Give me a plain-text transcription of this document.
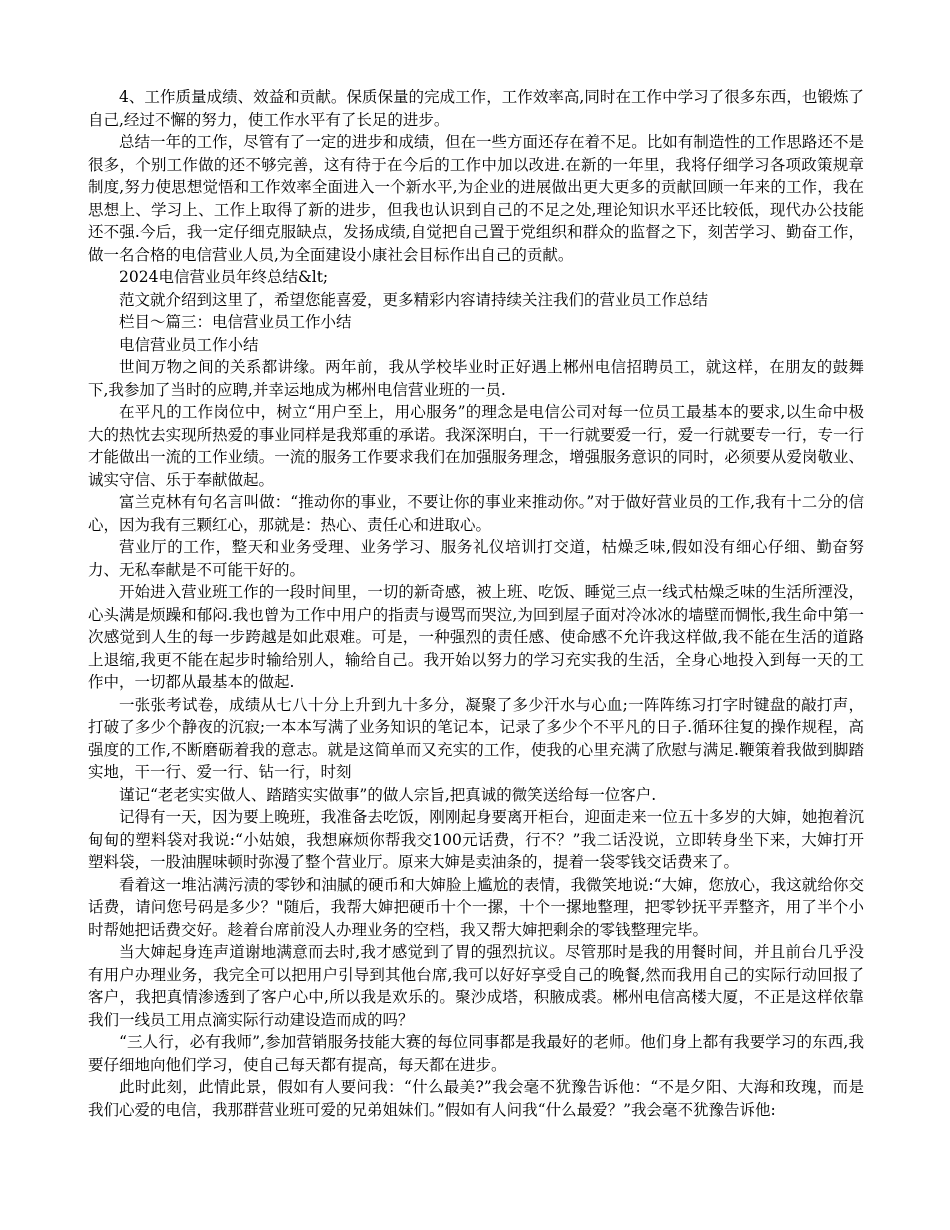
4、工作质量成绩、效益和贡献。保质保量的完成工作，工作效率高,同时在工作中学习了很多东西，也锻炼了自己,经过不懈的努力，使工作水平有了长足的进步。

总结一年的工作，尽管有了一定的进步和成绩，但在一些方面还存在着不足。比如有制造性的工作思路还不是很多，个别工作做的还不够完善，这有待于在今后的工作中加以改进.在新的一年里，我将仔细学习各项政策规章制度,努力使思想觉悟和工作效率全面进入一个新水平,为企业的进展做出更大更多的贡献回顾一年来的工作，我在思想上、学习上、工作上取得了新的进步，但我也认识到自己的不足之处,理论知识水平还比较低，现代办公技能还不强.今后，我一定仔细克服缺点，发扬成绩,自觉把自己置于党组织和群众的监督之下，刻苦学习、勤奋工作，做一名合格的电信营业人员,为全面建设小康社会目标作出自己的贡献。

2024电信营业员年终总结&lt;

范文就介绍到这里了，希望您能喜爱，更多精彩内容请持续关注我们的营业员工作总结

栏目～篇三：电信营业员工作小结

电信营业员工作小结

世间万物之间的关系都讲缘。两年前，我从学校毕业时正好遇上郴州电信招聘员工，就这样，在朋友的鼓舞下,我参加了当时的应聘,并幸运地成为郴州电信营业班的一员.

在平凡的工作岗位中，树立“用户至上，用心服务”的理念是电信公司对每一位员工最基本的要求,以生命中极大的热忱去实现所热爱的事业同样是我郑重的承诺。我深深明白，干一行就要爱一行，爱一行就要专一行，专一行才能做出一流的工作业绩。一流的服务工作要求我们在加强服务理念，增强服务意识的同时，必须要从爱岗敬业、诚实守信、乐于奉献做起。

富兰克林有句名言叫做：“推动你的事业，不要让你的事业来推动你。”对于做好营业员的工作,我有十二分的信心，因为我有三颗红心，那就是：热心、责任心和进取心。

营业厅的工作，整天和业务受理、业务学习、服务礼仪培训打交道，枯燥乏味,假如没有细心仔细、勤奋努力、无私奉献是不可能干好的。

开始进入营业班工作的一段时间里，一切的新奇感，被上班、吃饭、睡觉三点一线式枯燥乏味的生活所湮没，心头满是烦躁和郁闷.我也曾为工作中用户的指责与谩骂而哭泣,为回到屋子面对冷冰冰的墙壁而惆怅,我生命中第一次感觉到人生的每一步跨越是如此艰难。可是，一种强烈的责任感、使命感不允许我这样做,我不能在生活的道路上退缩,我更不能在起步时输给别人，输给自己。我开始以努力的学习充实我的生活，全身心地投入到每一天的工作中，一切都从最基本的做起.

一张张考试卷，成绩从七八十分上升到九十多分，凝聚了多少汗水与心血;一阵阵练习打字时键盘的敲打声，打破了多少个静夜的沉寂;一本本写满了业务知识的笔记本，记录了多少个不平凡的日子.循环往复的操作规程，高强度的工作,不断磨砺着我的意志。就是这简单而又充实的工作，使我的心里充满了欣慰与满足.鞭策着我做到脚踏实地，干一行、爱一行、钻一行，时刻

谨记“老老实实做人、踏踏实实做事”的做人宗旨,把真诚的微笑送给每一位客户.

记得有一天，因为要上晚班，我准备去吃饭，刚刚起身要离开柜台，迎面走来一位五十多岁的大婶，她抱着沉甸甸的塑料袋对我说:“小姑娘，我想麻烦你帮我交100元话费，行不？”我二话没说，立即转身坐下来，大婶打开塑料袋，一股油腥味顿时弥漫了整个营业厅。原来大婶是卖油条的，提着一袋零钱交话费来了。

看着这一堆沾满污渍的零钞和油腻的硬币和大婶脸上尴尬的表情，我微笑地说:“大婶，您放心，我这就给你交话费，请问您号码是多少？"随后，我帮大婶把硬币十个一摞，十个一摞地整理，把零钞抚平弄整齐，用了半个小时帮她把话费交好。趁着台席前没人办理业务的空档，我又帮大婶把剩余的零钱整理完毕。

当大婶起身连声道谢地满意而去时,我才感觉到了胃的强烈抗议。尽管那时是我的用餐时间，并且前台几乎没有用户办理业务，我完全可以把用户引导到其他台席,我可以好好享受自己的晚餐,然而我用自己的实际行动回报了客户，我把真情渗透到了客户心中,所以我是欢乐的。聚沙成塔，积腋成裘。郴州电信高楼大厦，不正是这样依靠我们一线员工用点滴实际行动建设造而成的吗？

“三人行，必有我师”,参加营销服务技能大赛的每位同事都是我最好的老师。他们身上都有我要学习的东西,我要仔细地向他们学习，使自己每天都有提高，每天都在进步。

此时此刻，此情此景，假如有人要问我：“什么最美?”我会毫不犹豫告诉他：“不是夕阳、大海和玫瑰，而是我们心爱的电信，我那群营业班可爱的兄弟姐妹们。”假如有人问我“什么最爱？”我会毫不犹豫告诉他:
